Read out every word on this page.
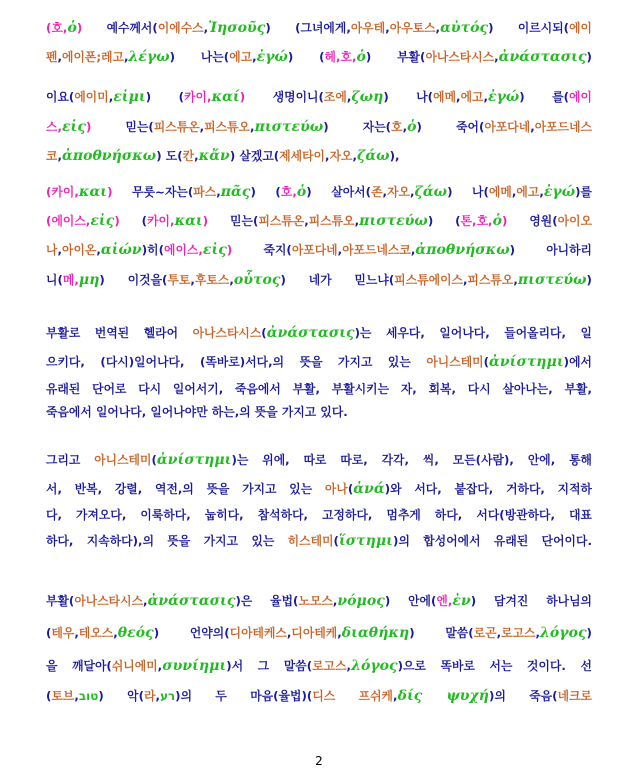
(호,ὁ) 예수께서(이에수스,Ἰησοῦς) (그녀에게,아우테,아우토스,αὐτός) 이르시되(에이
펜,에이폰;레고,λέγω) 나는(에고,ἐγώ) (헤,호,ὁ) 부활(아나스타시스,ἀνάστασις)
이요(에이미,εἰμι) (카이,καί) 생명이니(조에,ζωη) 나(에메,에고,ἐγώ) 를(에이
스,εἰς) 믿는(피스튜온,피스튜오,πιστεύω) 자는(호,ὁ) 죽어(아포다네,아포드네스
코,ἀποθνήσκω) 도(칸,κἄν) 살겠고(제세타이,자오,ζάω),
(카이,και) 무릇~자는(파스,πᾶς) (호,ὁ) 살아서(존,자오,ζάω) 나(에메,에고,ἐγώ)를
(에이스,εἰς) (카이,και) 믿는(피스튜온,피스튜오,πιστεύω) (톤,호,ὁ) 영원(아이오
나,아이온,αἰών)히(에이스,εἰς) 죽지(아포다네,아포드네스코,ἀποθνήσκω) 아니하리
니(메,μη) 이것을(투토,후토스,οὗτος) 네가 믿느냐(피스튜에이스,피스튜오,πιστεύω)
부활로 번역된 헬라어 아나스타시스(ἀνάστασις)는 세우다, 일어나다, 들어올리다, 일
으키다, (다시)일어나다, (똑바로)서다,의 뜻을 가지고 있는 아니스테미(ἀνίστημι)에서
유래된 단어로 다시 일어서기, 죽음에서 부활, 부활시키는 자, 회복, 다시 살아나는, 부활,
죽음에서 일어나다, 일어나야만 하는,의 뜻을 가지고 있다.
그리고 아니스테미(ἀνίστημι)는 위에, 따로 따로, 각각, 씩, 모든(사람), 안에, 통해
서, 반복, 강렬, 역전,의 뜻을 가지고 있는 아나(ἀνά)와 서다, 붙잡다, 거하다, 지적하
다, 가져오다, 이룩하다, 눕히다, 참석하다, 고정하다, 멈추게 하다, 서다(방관하다, 대표
하다, 지속하다),의 뜻을 가지고 있는 히스테미(ἵστημι)의 합성어에서 유래된 단어이다.
부활(아나스타시스,ἀνάστασις)은 율법(노모스,νόμος) 안에(엔,ἐν) 담겨진 하나님의
(테우,테오스,θεός) 언약의(디아테케스,디아테케,διαθήκη) 말씀(로곤,로고스,λόγος)
을 깨달아(쉬니에미,συνίημι)서 그 말씀(로고스,λόγος)으로 똑바로 서는 것이다. 선
(토브,טוב) 악(라,רע)의 두 마음(율법)(디스 프쉬케,δίς ψυχή)의 죽음(네크로
2
